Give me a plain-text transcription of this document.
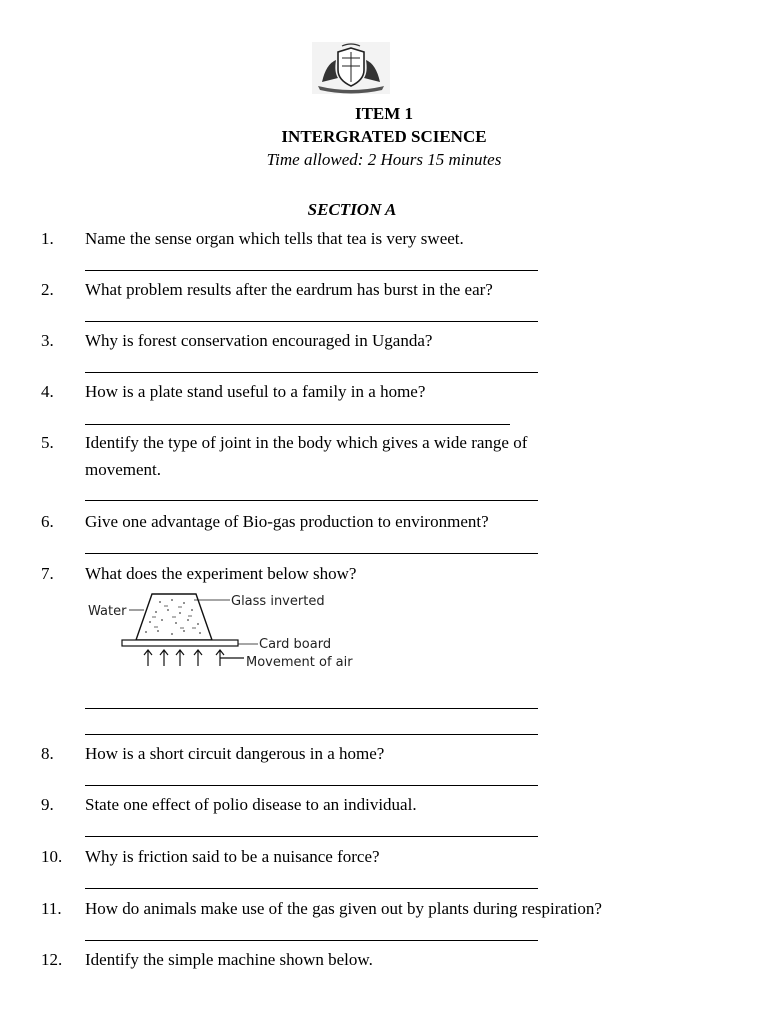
ITEM 1
INTERGRATED SCIENCE
Time allowed: 2 Hours 15 minutes
SECTION A
1.	Name the sense organ which tells that tea is very sweet.
2.	What problem results after the eardrum has burst in the ear?
3.	Why is forest conservation encouraged in Uganda?
4.	How is a plate stand useful to a family in a home?
5.	Identify the type of joint in the body which gives a wide range of
movement.
6.	Give one advantage of Bio-gas production to environment?
7.	What does the experiment below show?
Water
Glass inverted
Card board
Movement of air
8.	How is a short circuit dangerous in a home?
9.	State one effect of polio disease to an individual.
10.	Why is friction said to be a nuisance force?
11.	How do animals make use of the gas given out by plants during respiration?
12.	Identify the simple machine shown below.
